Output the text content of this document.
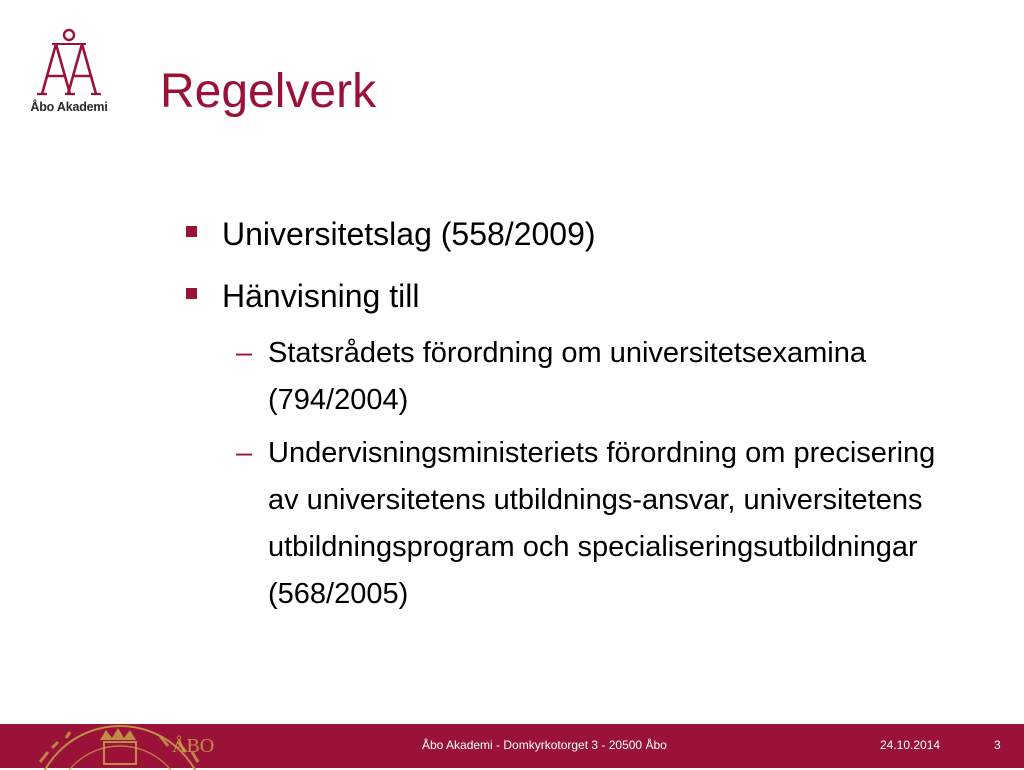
Åbo Akademi Regelverk
Universitetslag (558/2009)
Hänvisning till
– Statsrådets förordning om universitetsexamina (794/2004)
– Undervisningsministeriets förordning om precisering av universitetens utbildnings-ansvar, universitetens utbildningsprogram och specialiseringsutbildningar (568/2005)
ÅBO	Åbo Akademi - Domkyrkotorget 3 - 20500 Åbo	24.10.2014	3
